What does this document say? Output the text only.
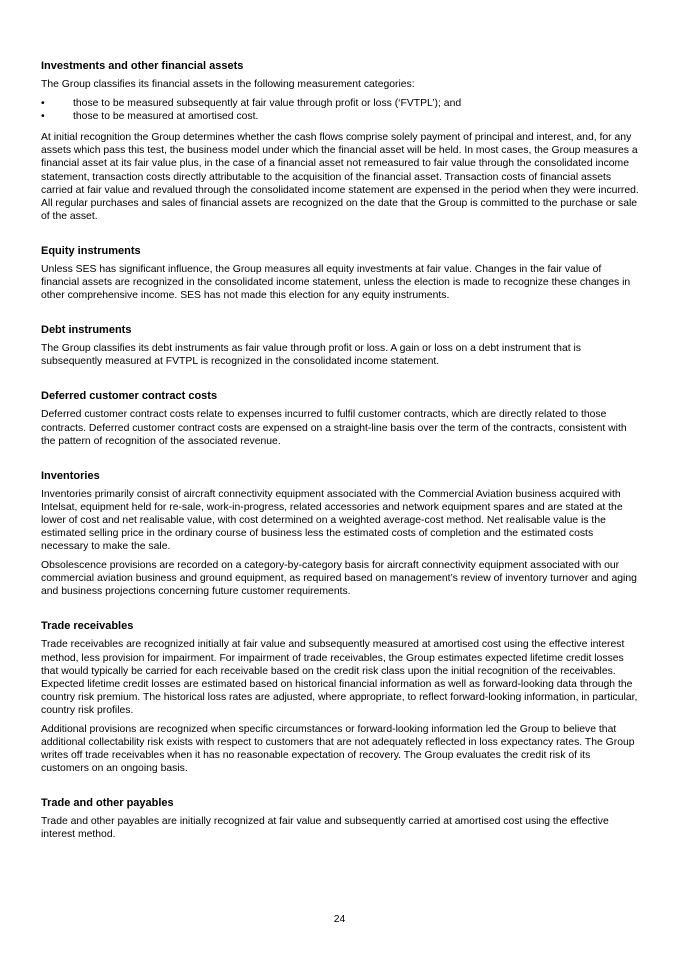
Investments and other financial assets

The Group classifies its financial assets in the following measurement categories:

•	those to be measured subsequently at fair value through profit or loss (‘FVTPL’); and
•	those to be measured at amortised cost.

At initial recognition the Group determines whether the cash flows comprise solely payment of principal and interest, and, for any assets which pass this test, the business model under which the financial asset will be held. In most cases, the Group measures a financial asset at its fair value plus, in the case of a financial asset not remeasured to fair value through the consolidated income statement, transaction costs directly attributable to the acquisition of the financial asset. Transaction costs of financial assets carried at fair value and revalued through the consolidated income statement are expensed in the period when they were incurred. All regular purchases and sales of financial assets are recognized on the date that the Group is committed to the purchase or sale of the asset.

Equity instruments

Unless SES has significant influence, the Group measures all equity investments at fair value. Changes in the fair value of financial assets are recognized in the consolidated income statement, unless the election is made to recognize these changes in other comprehensive income. SES has not made this election for any equity instruments.

Debt instruments

The Group classifies its debt instruments as fair value through profit or loss. A gain or loss on a debt instrument that is subsequently measured at FVTPL is recognized in the consolidated income statement.

Deferred customer contract costs

Deferred customer contract costs relate to expenses incurred to fulfil customer contracts, which are directly related to those contracts. Deferred customer contract costs are expensed on a straight-line basis over the term of the contracts, consistent with the pattern of recognition of the associated revenue.

Inventories

Inventories primarily consist of aircraft connectivity equipment associated with the Commercial Aviation business acquired with Intelsat, equipment held for re-sale, work-in-progress, related accessories and network equipment spares and are stated at the lower of cost and net realisable value, with cost determined on a weighted average-cost method. Net realisable value is the estimated selling price in the ordinary course of business less the estimated costs of completion and the estimated costs necessary to make the sale.

Obsolescence provisions are recorded on a category-by-category basis for aircraft connectivity equipment associated with our commercial aviation business and ground equipment, as required based on management’s review of inventory turnover and aging and business projections concerning future customer requirements.

Trade receivables

Trade receivables are recognized initially at fair value and subsequently measured at amortised cost using the effective interest method, less provision for impairment. For impairment of trade receivables, the Group estimates expected lifetime credit losses that would typically be carried for each receivable based on the credit risk class upon the initial recognition of the receivables. Expected lifetime credit losses are estimated based on historical financial information as well as forward-looking data through the country risk premium. The historical loss rates are adjusted, where appropriate, to reflect forward-looking information, in particular, country risk profiles.

Additional provisions are recognized when specific circumstances or forward-looking information led the Group to believe that additional collectability risk exists with respect to customers that are not adequately reflected in loss expectancy rates. The Group writes off trade receivables when it has no reasonable expectation of recovery. The Group evaluates the credit risk of its customers on an ongoing basis.

Trade and other payables

Trade and other payables are initially recognized at fair value and subsequently carried at amortised cost using the effective interest method.

24
